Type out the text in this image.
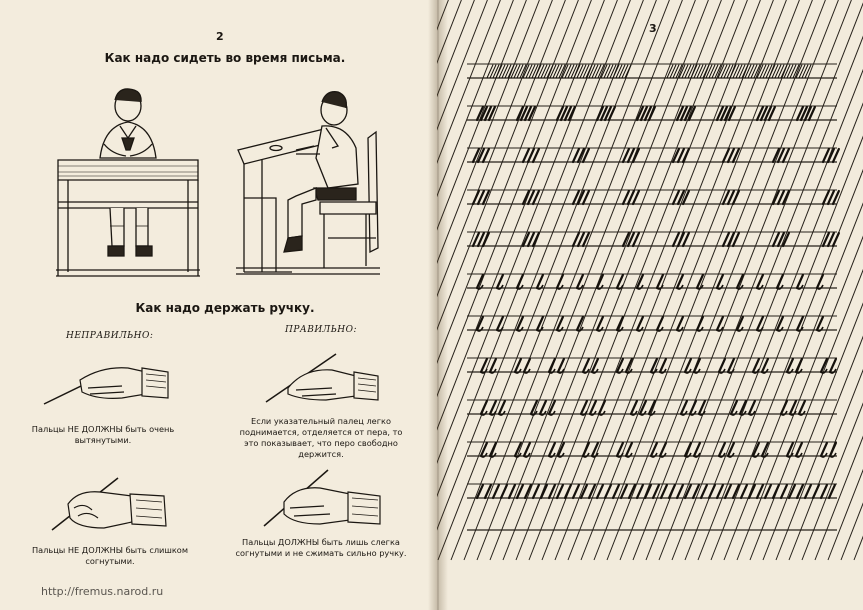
2
Как надо сидеть во время письма.
Как надо держать ручку.
НЕПРАВИЛЬНО:
ПРАВИЛЬНО:
Пальцы НЕ ДОЛЖНЫ быть очень вытянутыми.
Если указательный палец легко поднимается, отделяется от пера, то это показывает, что перо свободно держится.
Пальцы НЕ ДОЛЖНЫ быть слишком согнутыми.
Пальцы ДОЛЖНЫ быть лишь слегка согнутыми и не сжимать сильно ручку.
http://fremus.narod.ru
3
